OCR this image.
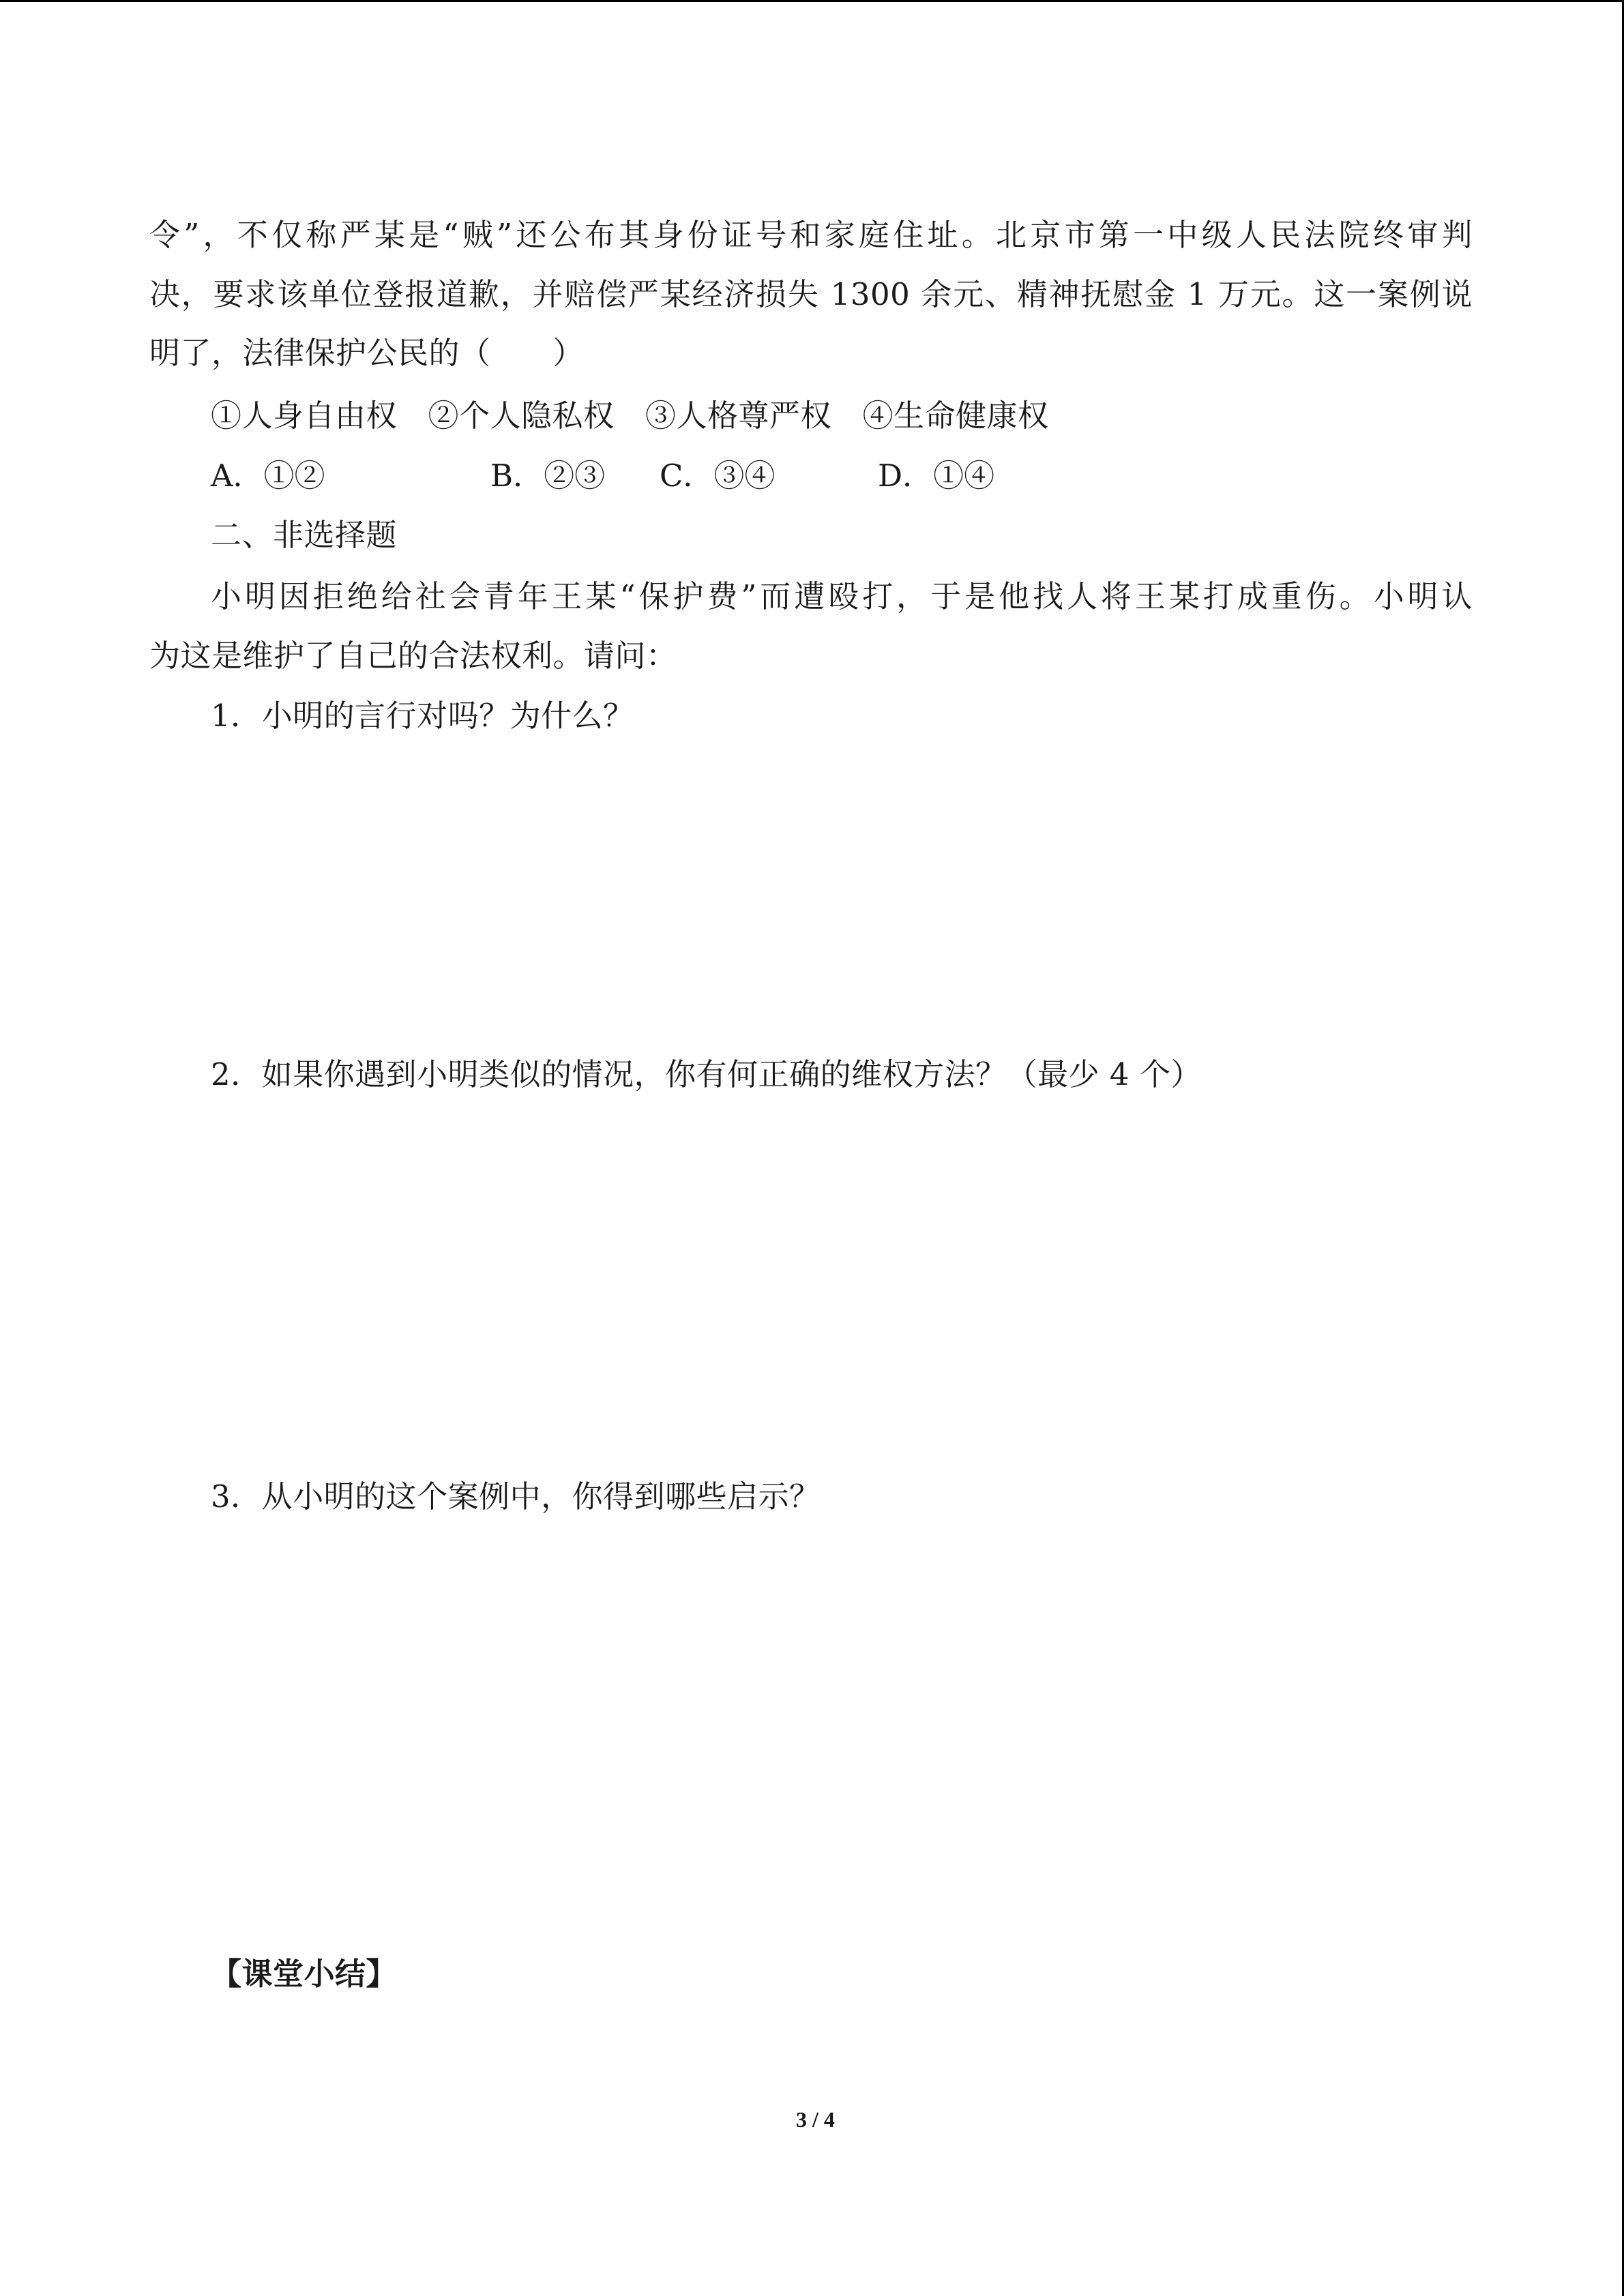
令”，不仅称严某是“贼”还公布其身份证号和家庭住址。北京市第一中级人民法院终审判
决，要求该单位登报道歉，并赔偿严某经济损失 1300 余元、精神抚慰金 1 万元。这一案例说
明了，法律保护公民的（　　）
①人身自由权　②个人隐私权　③人格尊严权　④生命健康权
A．①②	B．②③ C．③④	D．①④
二、非选择题
小明因拒绝给社会青年王某“保护费”而遭殴打，于是他找人将王某打成重伤。小明认
为这是维护了自己的合法权利。请问：
1．小明的言行对吗？为什么？
2．如果你遇到小明类似的情况，你有何正确的维权方法？（最少 4 个）
3．从小明的这个案例中，你得到哪些启示？
【课堂小结】
3 / 4
